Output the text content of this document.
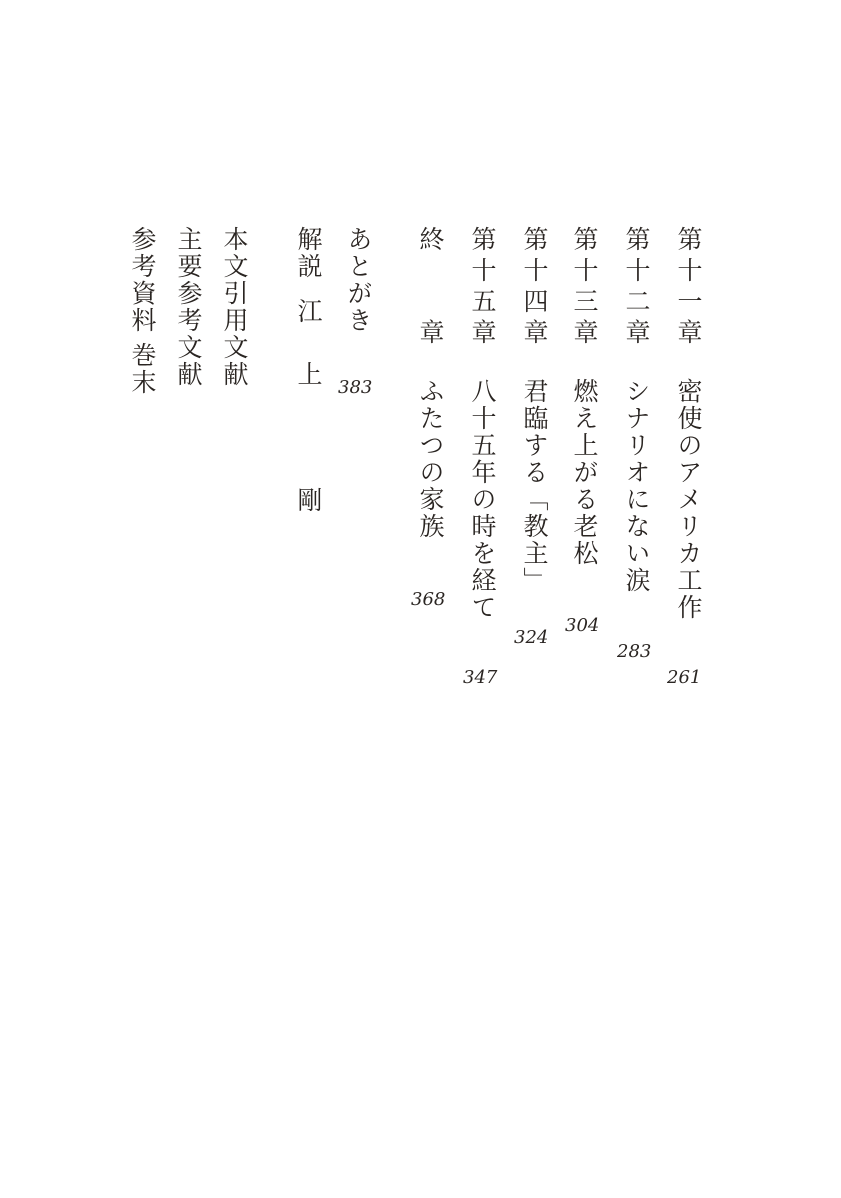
第十一章
密使のアメリカ工作
261
第十二章
シナリオにない涙
283
第十三章
燃え上がる老松
304
第十四章
君臨する「教主」
324
第十五章
八十五年の時を経て
347
終　　章
ふたつの家族
368
あとがき
383
解説
江上　剛
本文引用文献
主要参考文献
参考資料
巻末
